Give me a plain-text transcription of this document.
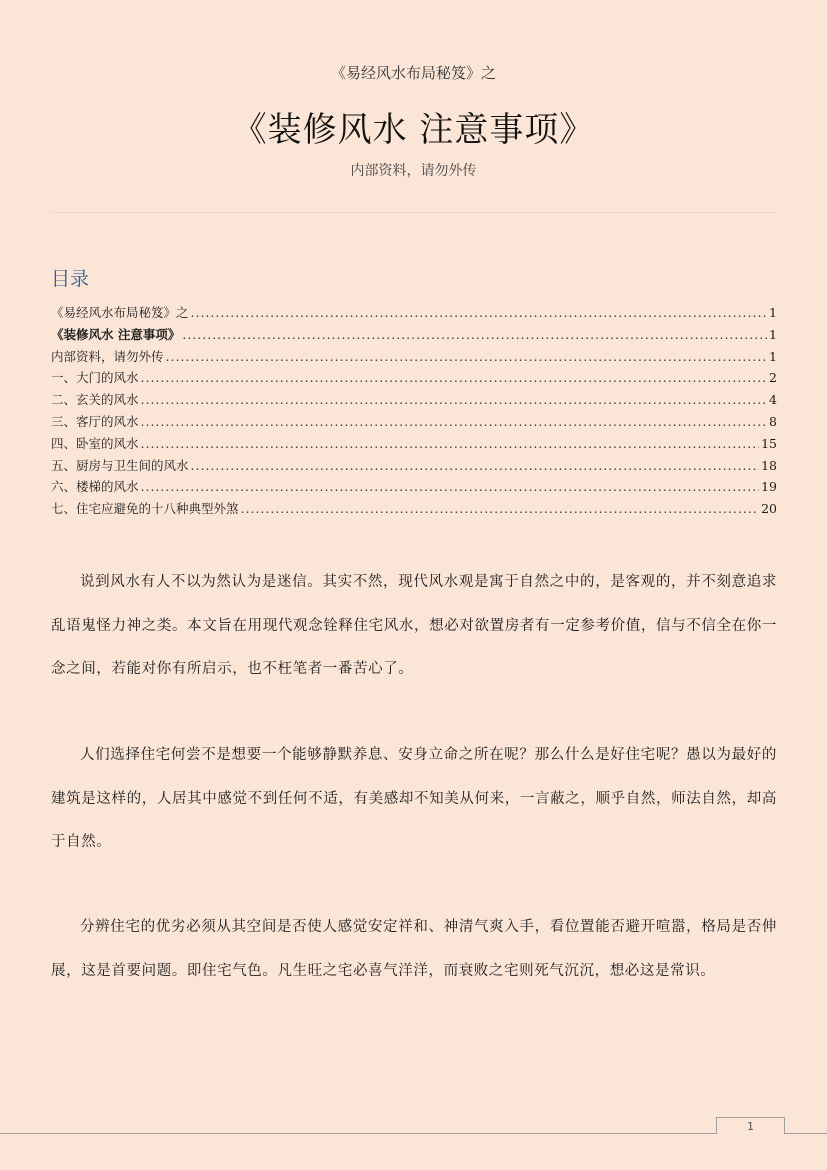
《易经风水布局秘笈》之
《装修风水 注意事项》
内部资料，请勿外传
目录
《易经风水布局秘笈》之 .....	1
《装修风水 注意事项》 .....	1
内部资料，请勿外传 .....	1
一、大门的风水 .....	2
二、玄关的风水 .....	4
三、客厅的风水 .....	8
四、卧室的风水 .....	15
五、厨房与卫生间的风水 .....	18
六、楼梯的风水 .....	19
七、住宅应避免的十八种典型外煞 .....	20

说到风水有人不以为然认为是迷信。其实不然，现代风水观是寓于自然之中的，是客观的，并不刻意追求乱语鬼怪力神之类。本文旨在用现代观念铨释住宅风水，想必对欲置房者有一定参考价值，信与不信全在你一念之间，若能对你有所启示，也不枉笔者一番苦心了。

人们选择住宅何尝不是想要一个能够静默养息、安身立命之所在呢？那么什么是好住宅呢？愚以为最好的建筑是这样的，人居其中感觉不到任何不适，有美感却不知美从何来，一言蔽之，顺乎自然，师法自然，却高于自然。

分辨住宅的优劣必须从其空间是否使人感觉安定祥和、神清气爽入手，看位置能否避开喧嚣，格局是否伸展，这是首要问题。即住宅气色。凡生旺之宅必喜气洋洋，而衰败之宅则死气沉沉，想必这是常识。

1
